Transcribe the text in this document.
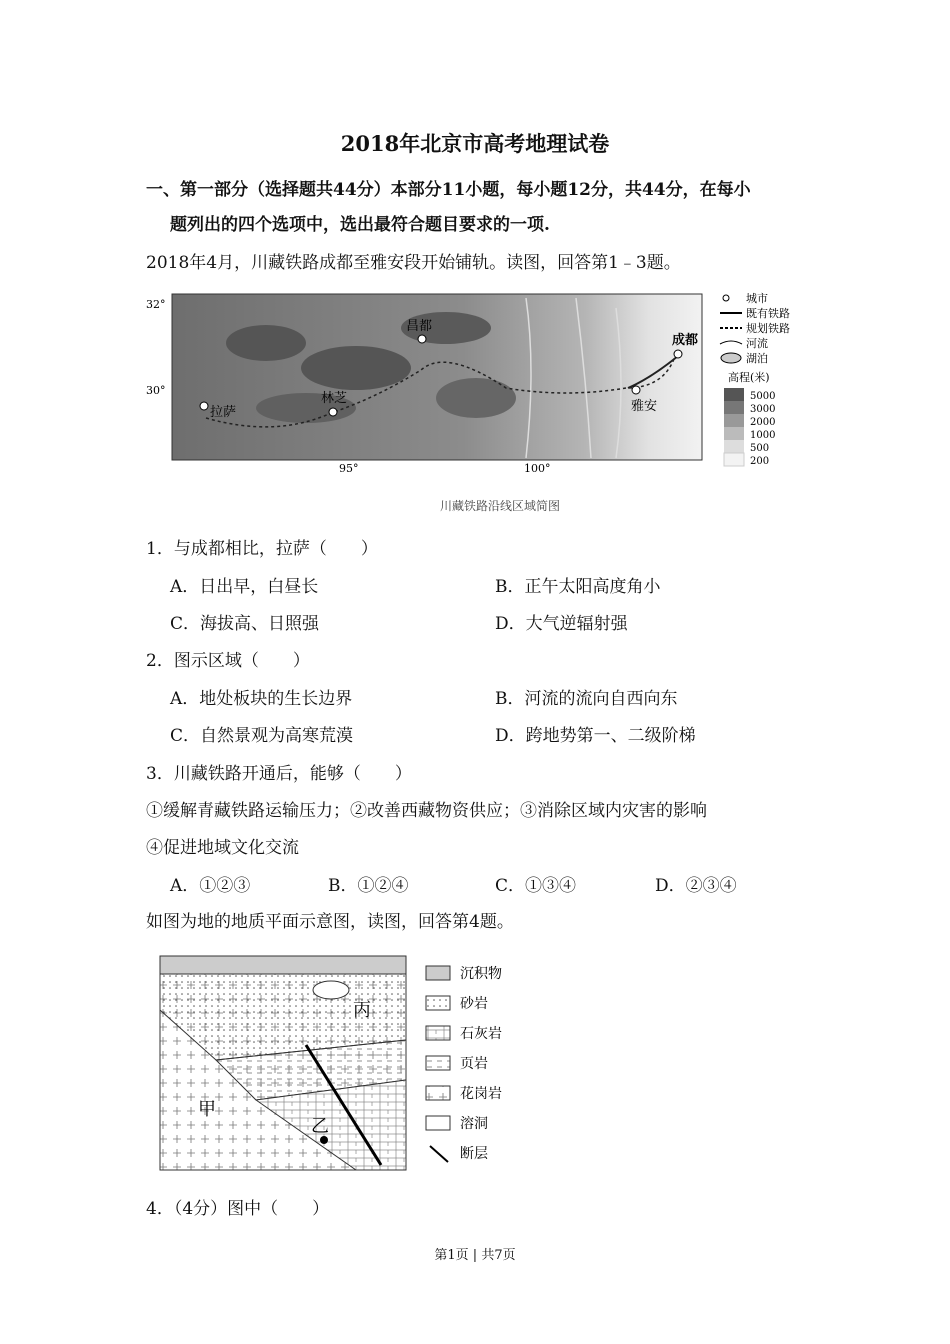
2018年北京市高考地理试卷
一、第一部分（选择题共44分）本部分11小题，每小题12分，共44分，在每小
题列出的四个选项中，选出最符合题目要求的一项.
2018年4月，川藏铁路成都至雅安段开始铺轨。读图，回答第1﹣3题。
拉萨
林芝
昌都
雅安
成都
32°
30°
95°	100°
城市
既有铁路
规划铁路
河流
湖泊
高程(米)
5000
3000
2000
1000
500
200
川藏铁路沿线区域简图
1．与成都相比，拉萨（　　）
A．日出早，白昼长	B．正午太阳高度角小
C．海拔高、日照强	D．大气逆辐射强
2．图示区域（　　）
A．地处板块的生长边界	B．河流的流向自西向东
C．自然景观为高寒荒漠	D．跨地势第一、二级阶梯
3．川藏铁路开通后，能够（　　）
①缓解青藏铁路运输压力；②改善西藏物资供应；③消除区域内灾害的影响
④促进地域文化交流
A．①②③	B．①②④	C．①③④	D．②③④
如图为地的地质平面示意图，读图，回答第4题。
丙
甲
乙
沉积物
砂岩
石灰岩
页岩
花岗岩
溶洞
断层
4．（4分）图中（　　）
第1页 | 共7页
